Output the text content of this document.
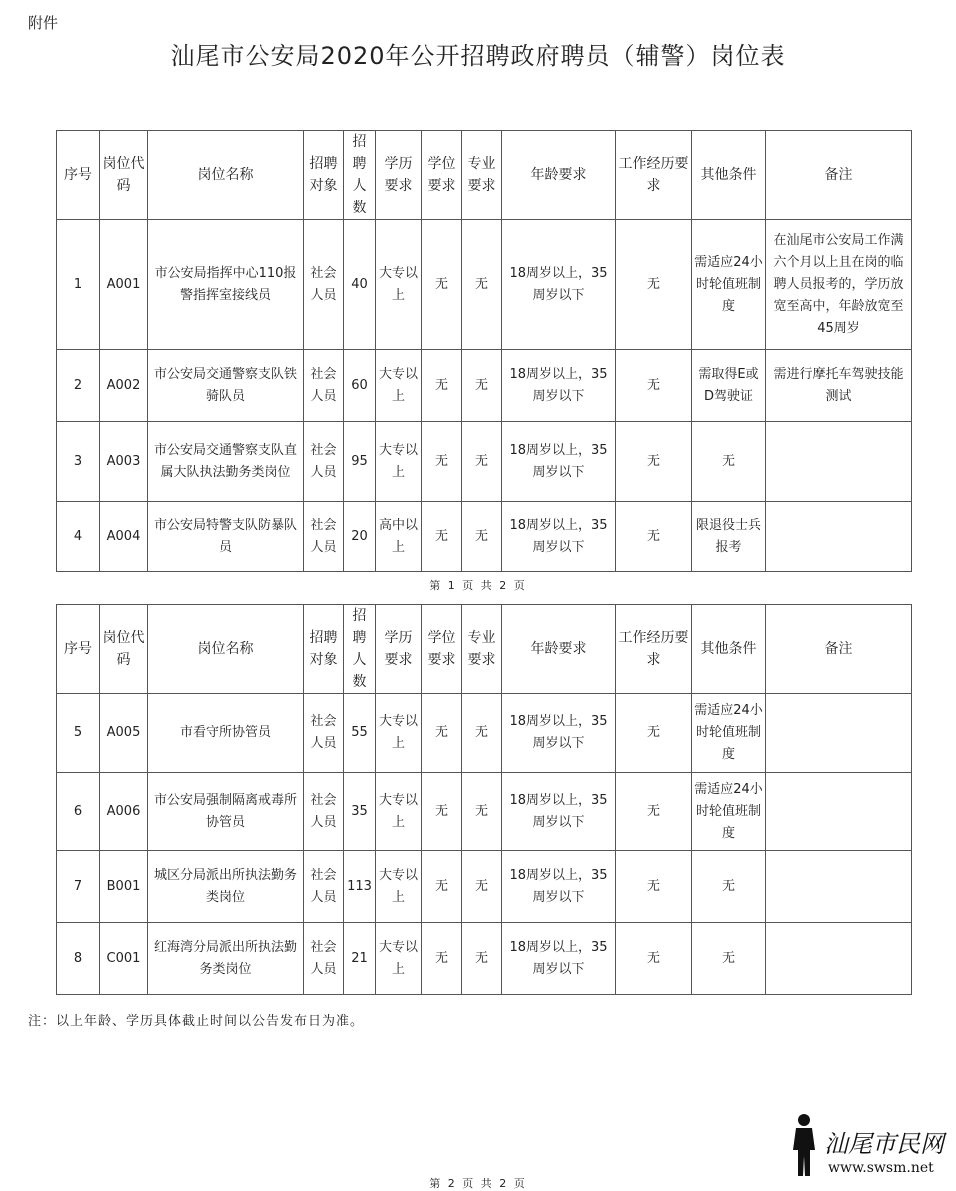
附件
汕尾市公安局2020年公开招聘政府聘员（辅警）岗位表
序号	岗位代码	岗位名称	招聘对象	招聘人数	学历要求	学位要求	专业要求	年龄要求	工作经历要求	其他条件	备注
1	A001	市公安局指挥中心110报警指挥室接线员	社会人员	40	大专以上	无	无	18周岁以上，35周岁以下	无	需适应24小时轮值班制度	在汕尾市公安局工作满六个月以上且在岗的临聘人员报考的，学历放宽至高中，年龄放宽至45周岁
2	A002	市公安局交通警察支队铁骑队员	社会人员	60	大专以上	无	无	18周岁以上，35周岁以下	无	需取得E或D驾驶证	需进行摩托车驾驶技能测试
3	A003	市公安局交通警察支队直属大队执法勤务类岗位	社会人员	95	大专以上	无	无	18周岁以上，35周岁以下	无	无	
4	A004	市公安局特警支队防暴队员	社会人员	20	高中以上	无	无	18周岁以上，35周岁以下	无	限退役士兵报考	
第 1 页 共 2 页
序号	岗位代码	岗位名称	招聘对象	招聘人数	学历要求	学位要求	专业要求	年龄要求	工作经历要求	其他条件	备注
5	A005	市看守所协管员	社会人员	55	大专以上	无	无	18周岁以上，35周岁以下	无	需适应24小时轮值班制度	
6	A006	市公安局强制隔离戒毒所协管员	社会人员	35	大专以上	无	无	18周岁以上，35周岁以下	无	需适应24小时轮值班制度	
7	B001	城区分局派出所执法勤务类岗位	社会人员	113	大专以上	无	无	18周岁以上，35周岁以下	无	无	
8	C001	红海湾分局派出所执法勤务类岗位	社会人员	21	大专以上	无	无	18周岁以上，35周岁以下	无	无	
注：以上年龄、学历具体截止时间以公告发布日为准。
汕尾市民网
www.swsm.net
第 2 页 共 2 页
